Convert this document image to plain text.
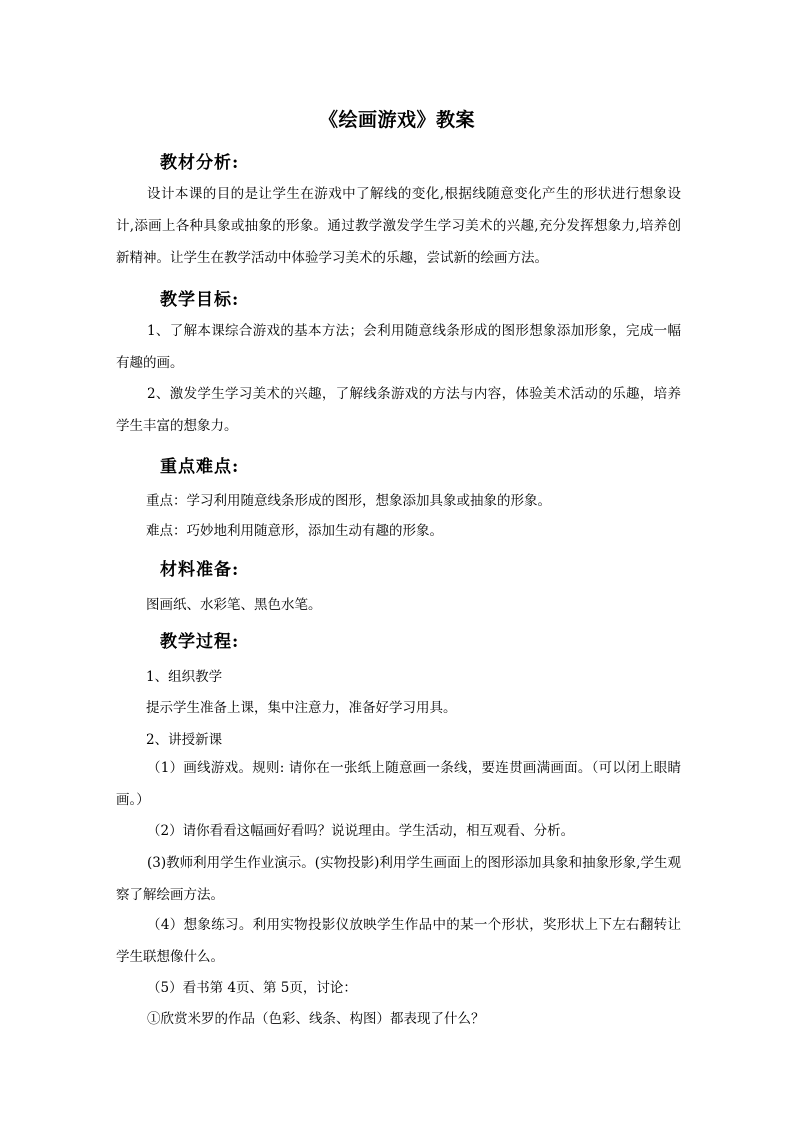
《绘画游戏》教案
教材分析:
设计本课的目的是让学生在游戏中了解线的变化,根据线随意变化产生的形状进行想象设计,添画上各种具象或抽象的形象。通过教学激发学生学习美术的兴趣,充分发挥想象力,培养创新精神。让学生在教学活动中体验学习美术的乐趣，尝试新的绘画方法。
教学目标:
1、了解本课综合游戏的基本方法；会利用随意线条形成的图形想象添加形象，完成一幅有趣的画。
2、激发学生学习美术的兴趣，了解线条游戏的方法与内容，体验美术活动的乐趣，培养学生丰富的想象力。
重点难点:
重点：学习利用随意线条形成的图形，想象添加具象或抽象的形象。
难点：巧妙地利用随意形，添加生动有趣的形象。
材料准备:
图画纸、水彩笔、黑色水笔。
教学过程:
1、组织教学
提示学生准备上课，集中注意力，准备好学习用具。
2、讲授新课
（1）画线游戏。规则: 请你在一张纸上随意画一条线，要连贯画满画面。（可以闭上眼睛画。）
（2）请你看看这幅画好看吗？说说理由。学生活动，相互观看、分析。
(3)教师利用学生作业演示。(实物投影)利用学生画面上的图形添加具象和抽象形象,学生观察了解绘画方法。
（4）想象练习。利用实物投影仪放映学生作品中的某一个形状，奖形状上下左右翻转让学生联想像什么。
（5）看书第 4页、第 5页，讨论：
①欣赏米罗的作品（色彩、线条、构图）都表现了什么？
